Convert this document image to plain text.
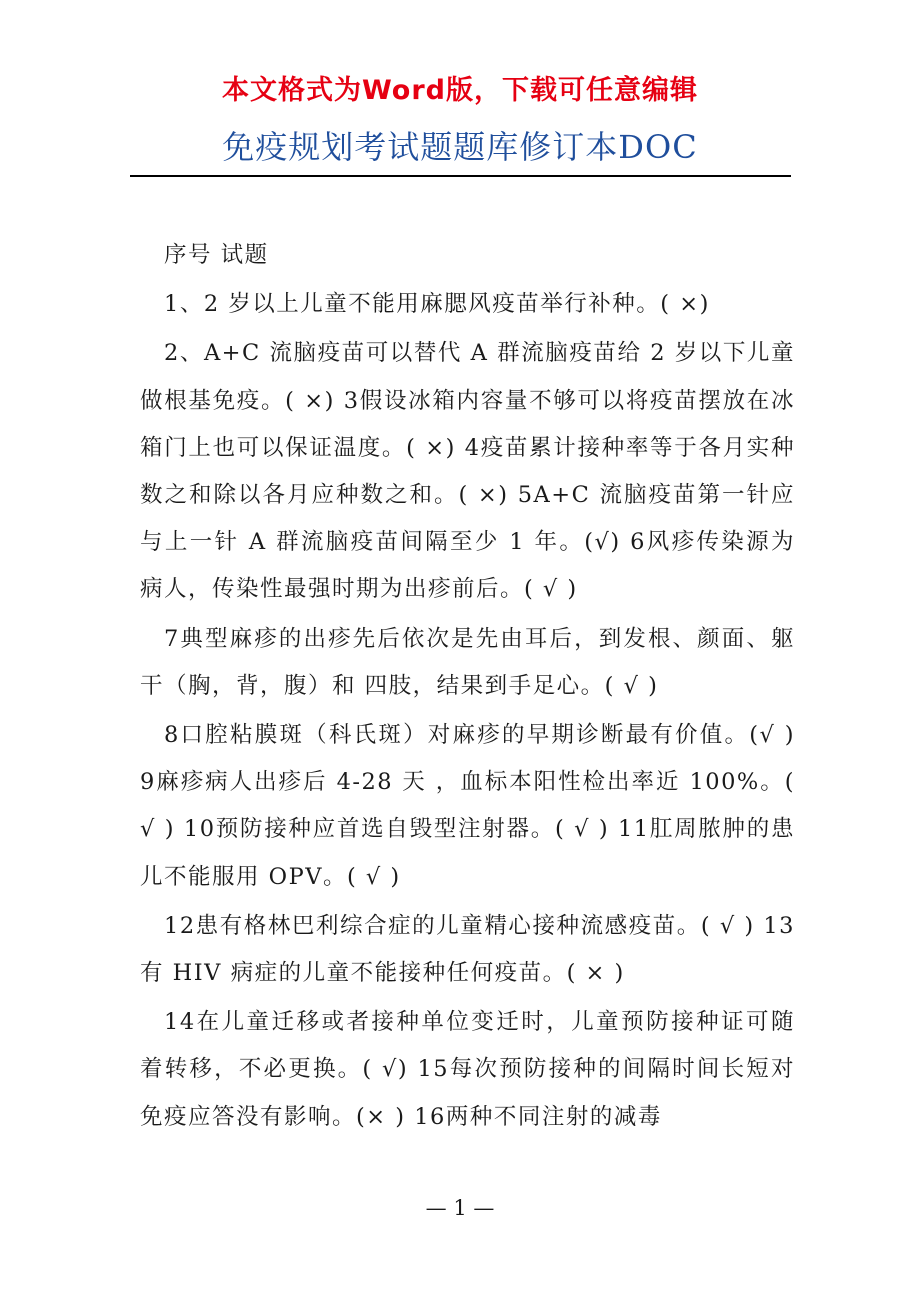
本文格式为Word版，下载可任意编辑
免疫规划考试题题库修订本DOC

序号 试题

1、2 岁以上儿童不能用麻腮风疫苗举行补种。( ×)

2、A+C 流脑疫苗可以替代 A 群流脑疫苗给 2 岁以下儿童做根基免疫。( ×) 3假设冰箱内容量不够可以将疫苗摆放在冰箱门上也可以保证温度。( ×) 4疫苗累计接种率等于各月实种数之和除以各月应种数之和。( ×) 5A+C 流脑疫苗第一针应与上一针 A 群流脑疫苗间隔至少 1 年。(√) 6风疹传染源为病人，传染性最强时期为出疹前后。( √ )

7典型麻疹的出疹先后依次是先由耳后，到发根、颜面、躯干（胸，背，腹）和 四肢，结果到手足心。( √ )

8口腔粘膜斑（科氏斑）对麻疹的早期诊断最有价值。(√ ) 9麻疹病人出疹后 4-28 天 ，血标本阳性检出率近 100%。( √ ) 10预防接种应首选自毁型注射器。( √ ) 11肛周脓肿的患儿不能服用 OPV。( √ )

12患有格林巴利综合症的儿童精心接种流感疫苗。( √ ) 13有 HIV 病症的儿童不能接种任何疫苗。( × )

14在儿童迁移或者接种单位变迁时，儿童预防接种证可随着转移，不必更换。( √) 15每次预防接种的间隔时间长短对免疫应答没有影响。(× ) 16两种不同注射的减毒

— 1 —
